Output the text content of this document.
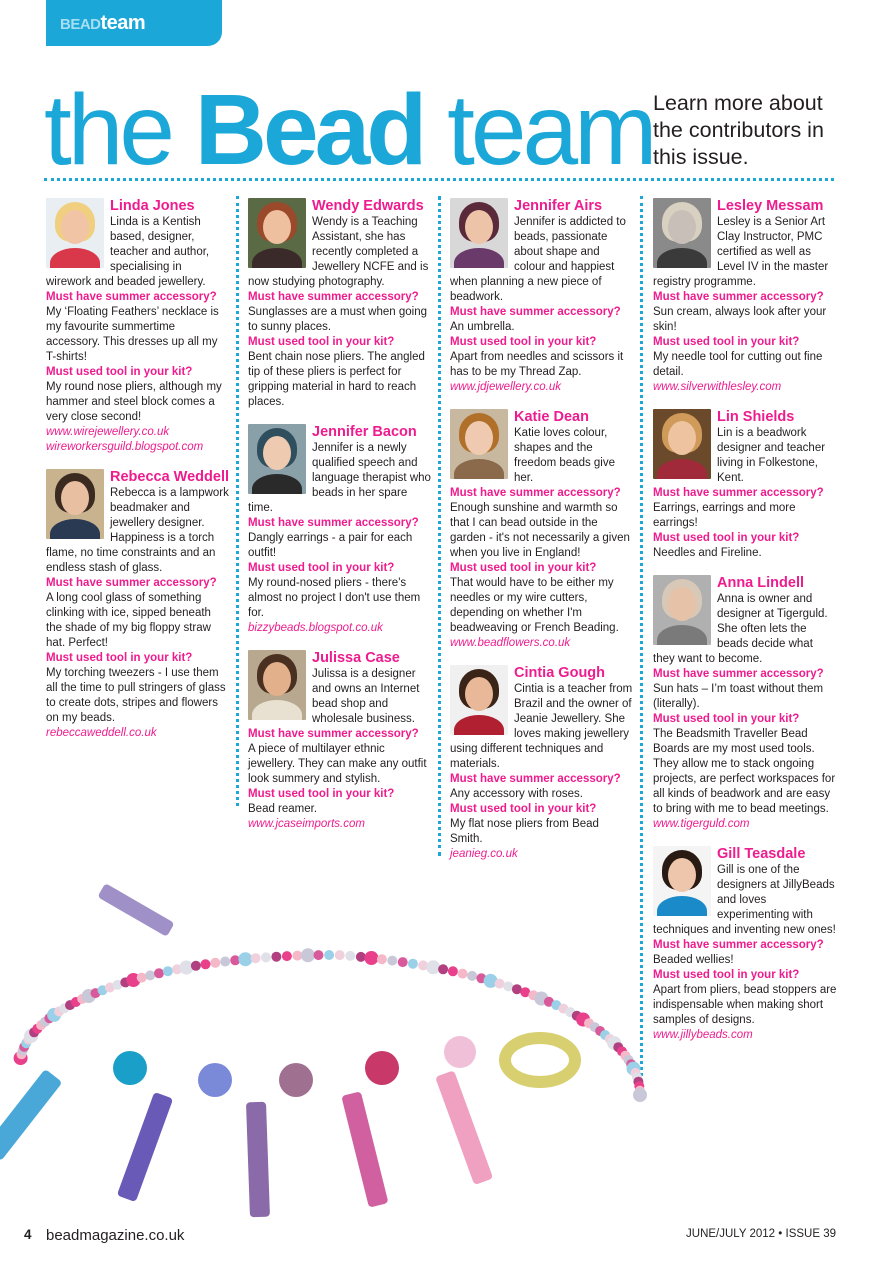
BEADteam
the Bead team Learn more about the contributors in this issue.
Linda Jones
Linda is a Kentish based, designer, teacher and author, specialising in wirework and beaded jewellery.
Must have summer accessory?
My ‘Floating Feathers’ necklace is my favourite summertime accessory. This dresses up all my T-shirts!
Must used tool in your kit?
My round nose pliers, although my hammer and steel block comes a very close second!
www.wirejewellery.co.uk
wireworkersguild.blogspot.com
Rebecca Weddell
Rebecca is a lampwork beadmaker and jewellery designer. Happiness is a torch flame, no time constraints and an endless stash of glass.
Must have summer accessory?
A long cool glass of something clinking with ice, sipped beneath the shade of my big floppy straw hat. Perfect!
Must used tool in your kit?
My torching tweezers - I use them all the time to pull stringers of glass to create dots, stripes and flowers on my beads.
rebeccaweddell.co.uk
Wendy Edwards
Wendy is a Teaching Assistant, she has recently completed a Jewellery NCFE and is now studying photography.
Must have summer accessory?
Sunglasses are a must when going to sunny places.
Must used tool in your kit?
Bent chain nose pliers. The angled tip of these pliers is perfect for gripping material in hard to reach places.
Jennifer Bacon
Jennifer is a newly qualified speech and language therapist who beads in her spare time.
Must have summer accessory?
Dangly earrings - a pair for each outfit!
Must used tool in your kit?
My round-nosed pliers - there's almost no project I don't use them for.
bizzybeads.blogspot.co.uk
Julissa Case
Julissa is a designer and owns an Internet bead shop and wholesale business.
Must have summer accessory?
A piece of multilayer ethnic jewellery. They can make any outfit look summery and stylish.
Must used tool in your kit?
Bead reamer.
www.jcaseimports.com
Jennifer Airs
Jennifer is addicted to beads, passionate about shape and colour and happiest when planning a new piece of beadwork.
Must have summer accessory?
An umbrella.
Must used tool in your kit?
Apart from needles and scissors it has to be my Thread Zap.
www.jdjewellery.co.uk
Katie Dean
Katie loves colour, shapes and the freedom beads give her.
Must have summer accessory?
Enough sunshine and warmth so that I can bead outside in the garden - it's not necessarily a given when you live in England!
Must used tool in your kit?
That would have to be either my needles or my wire cutters, depending on whether I'm beadweaving or French Beading.
www.beadflowers.co.uk
Cintia Gough
Cintia is a teacher from Brazil and the owner of Jeanie Jewellery. She loves making jewellery using different techniques and materials.
Must have summer accessory?
Any accessory with roses.
Must used tool in your kit?
My flat nose pliers from Bead Smith.
jeanieg.co.uk
Lesley Messam
Lesley is a Senior Art Clay Instructor, PMC certified as well as Level IV in the master registry programme.
Must have summer accessory?
Sun cream, always look after your skin!
Must used tool in your kit?
My needle tool for cutting out fine detail.
www.silverwithlesley.com
Lin Shields
Lin is a beadwork designer and teacher living in Folkestone, Kent.
Must have summer accessory?
Earrings, earrings and more earrings!
Must used tool in your kit?
Needles and Fireline.
Anna Lindell
Anna is owner and designer at Tigerguld. She often lets the beads decide what they want to become.
Must have summer accessory?
Sun hats – I’m toast without them (literally).
Must used tool in your kit?
The Beadsmith Traveller Bead Boards are my most used tools. They allow me to stack ongoing projects, are perfect workspaces for all kinds of beadwork and are easy to bring with me to bead meetings.
www.tigerguld.com
Gill Teasdale
Gill is one of the designers at JillyBeads and loves experimenting with techniques and inventing new ones!
Must have summer accessory?
Beaded wellies!
Must used tool in your kit?
Apart from pliers, bead stoppers are indispensable when making short samples of designs.
www.jillybeads.com
4 beadmagazine.co.uk	JUNE/JULY 2012 • ISSUE 39
